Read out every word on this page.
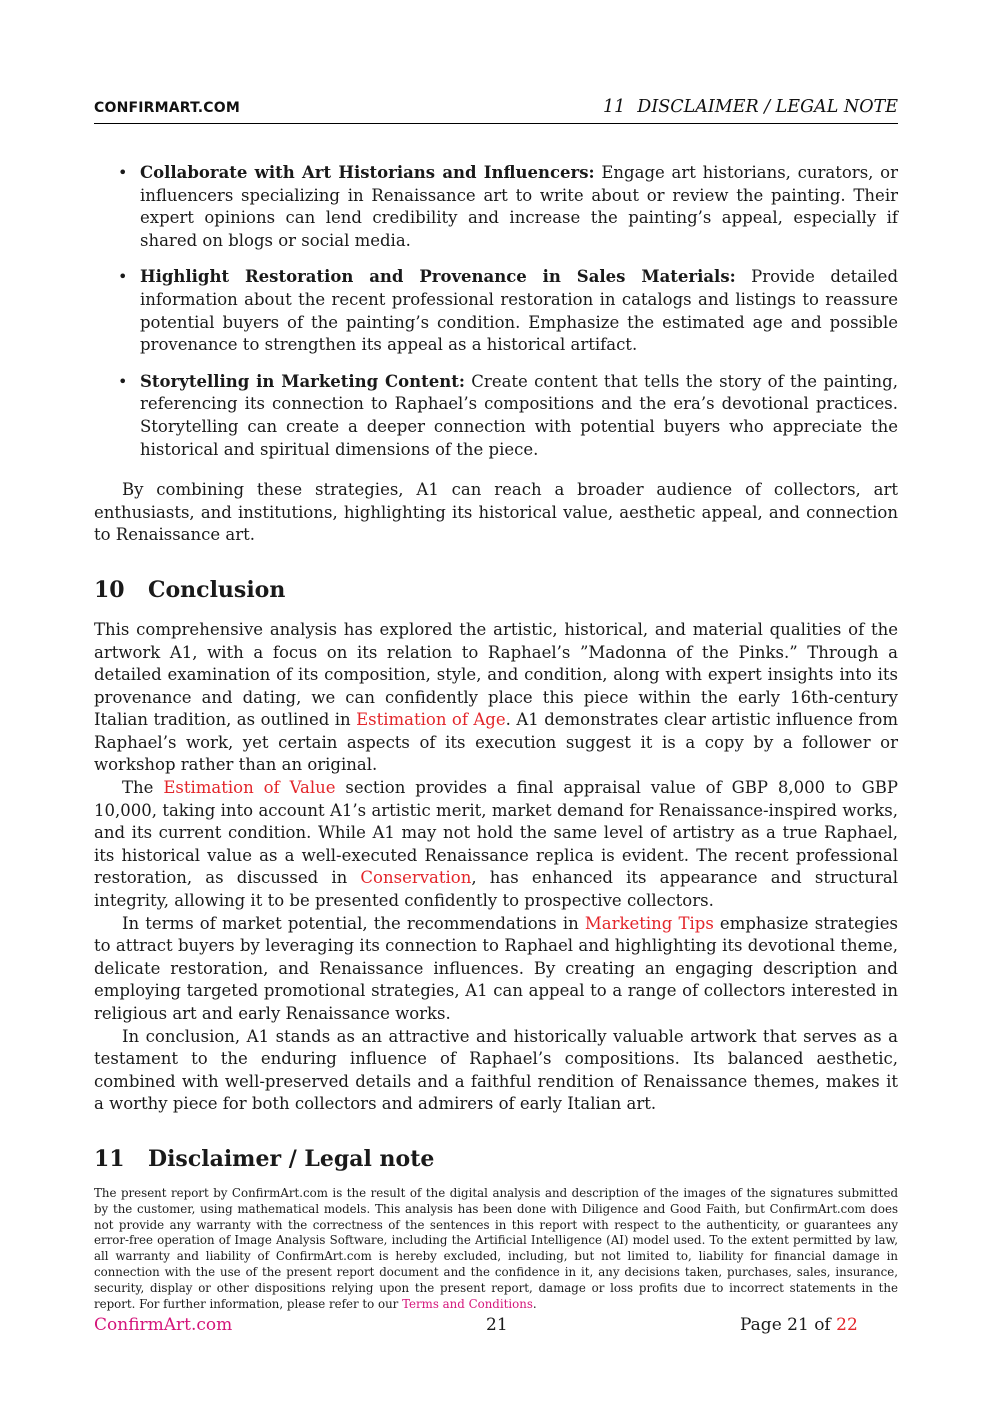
CONFIRMART.COM	11 DISCLAIMER / LEGAL NOTE
• Collaborate with Art Historians and Influencers: Engage art historians, curators, or influencers specializing in Renaissance art to write about or review the painting. Their expert opinions can lend credibility and increase the painting’s appeal, especially if shared on blogs or social media.
• Highlight Restoration and Provenance in Sales Materials: Provide detailed information about the recent professional restoration in catalogs and listings to reassure potential buyers of the painting’s condition. Emphasize the estimated age and possible provenance to strengthen its appeal as a historical artifact.
• Storytelling in Marketing Content: Create content that tells the story of the painting, referencing its connection to Raphael’s compositions and the era’s devotional practices. Storytelling can create a deeper connection with potential buyers who appreciate the historical and spiritual dimensions of the piece.

By combining these strategies, A1 can reach a broader audience of collectors, art enthusiasts, and institutions, highlighting its historical value, aesthetic appeal, and connection to Renaissance art.

10	Conclusion

This comprehensive analysis has explored the artistic, historical, and material qualities of the artwork A1, with a focus on its relation to Raphael’s ”Madonna of the Pinks.” Through a detailed examination of its composition, style, and condition, along with expert insights into its provenance and dating, we can confidently place this piece within the early 16th-century Italian tradition, as outlined in Estimation of Age. A1 demonstrates clear artistic influence from Raphael’s work, yet certain aspects of its execution suggest it is a copy by a follower or workshop rather than an original.

The Estimation of Value section provides a final appraisal value of GBP 8,000 to GBP 10,000, taking into account A1’s artistic merit, market demand for Renaissance-inspired works, and its current condition. While A1 may not hold the same level of artistry as a true Raphael, its historical value as a well-executed Renaissance replica is evident. The recent professional restoration, as discussed in Conservation, has enhanced its appearance and structural integrity, allowing it to be presented confidently to prospective collectors.

In terms of market potential, the recommendations in Marketing Tips emphasize strategies to attract buyers by leveraging its connection to Raphael and highlighting its devotional theme, delicate restoration, and Renaissance influences. By creating an engaging description and employing targeted promotional strategies, A1 can appeal to a range of collectors interested in religious art and early Renaissance works.

In conclusion, A1 stands as an attractive and historically valuable artwork that serves as a testament to the enduring influence of Raphael’s compositions. Its balanced aesthetic, combined with well-preserved details and a faithful rendition of Renaissance themes, makes it a worthy piece for both collectors and admirers of early Italian art.

11	Disclaimer / Legal note

The present report by ConfirmArt.com is the result of the digital analysis and description of the images of the signatures submitted by the customer, using mathematical models. This analysis has been done with Diligence and Good Faith, but ConfirmArt.com does not provide any warranty with the correctness of the sentences in this report with respect to the authenticity, or guarantees any error-free operation of Image Analysis Software, including the Artificial Intelligence (AI) model used. To the extent permitted by law, all warranty and liability of ConfirmArt.com is hereby excluded, including, but not limited to, liability for financial damage in connection with the use of the present report document and the confidence in it, any decisions taken, purchases, sales, insurance, security, display or other dispositions relying upon the present report, damage or loss profits due to incorrect statements in the report. For further information, please refer to our Terms and Conditions.

ConfirmArt.com	21	Page 21 of 22
